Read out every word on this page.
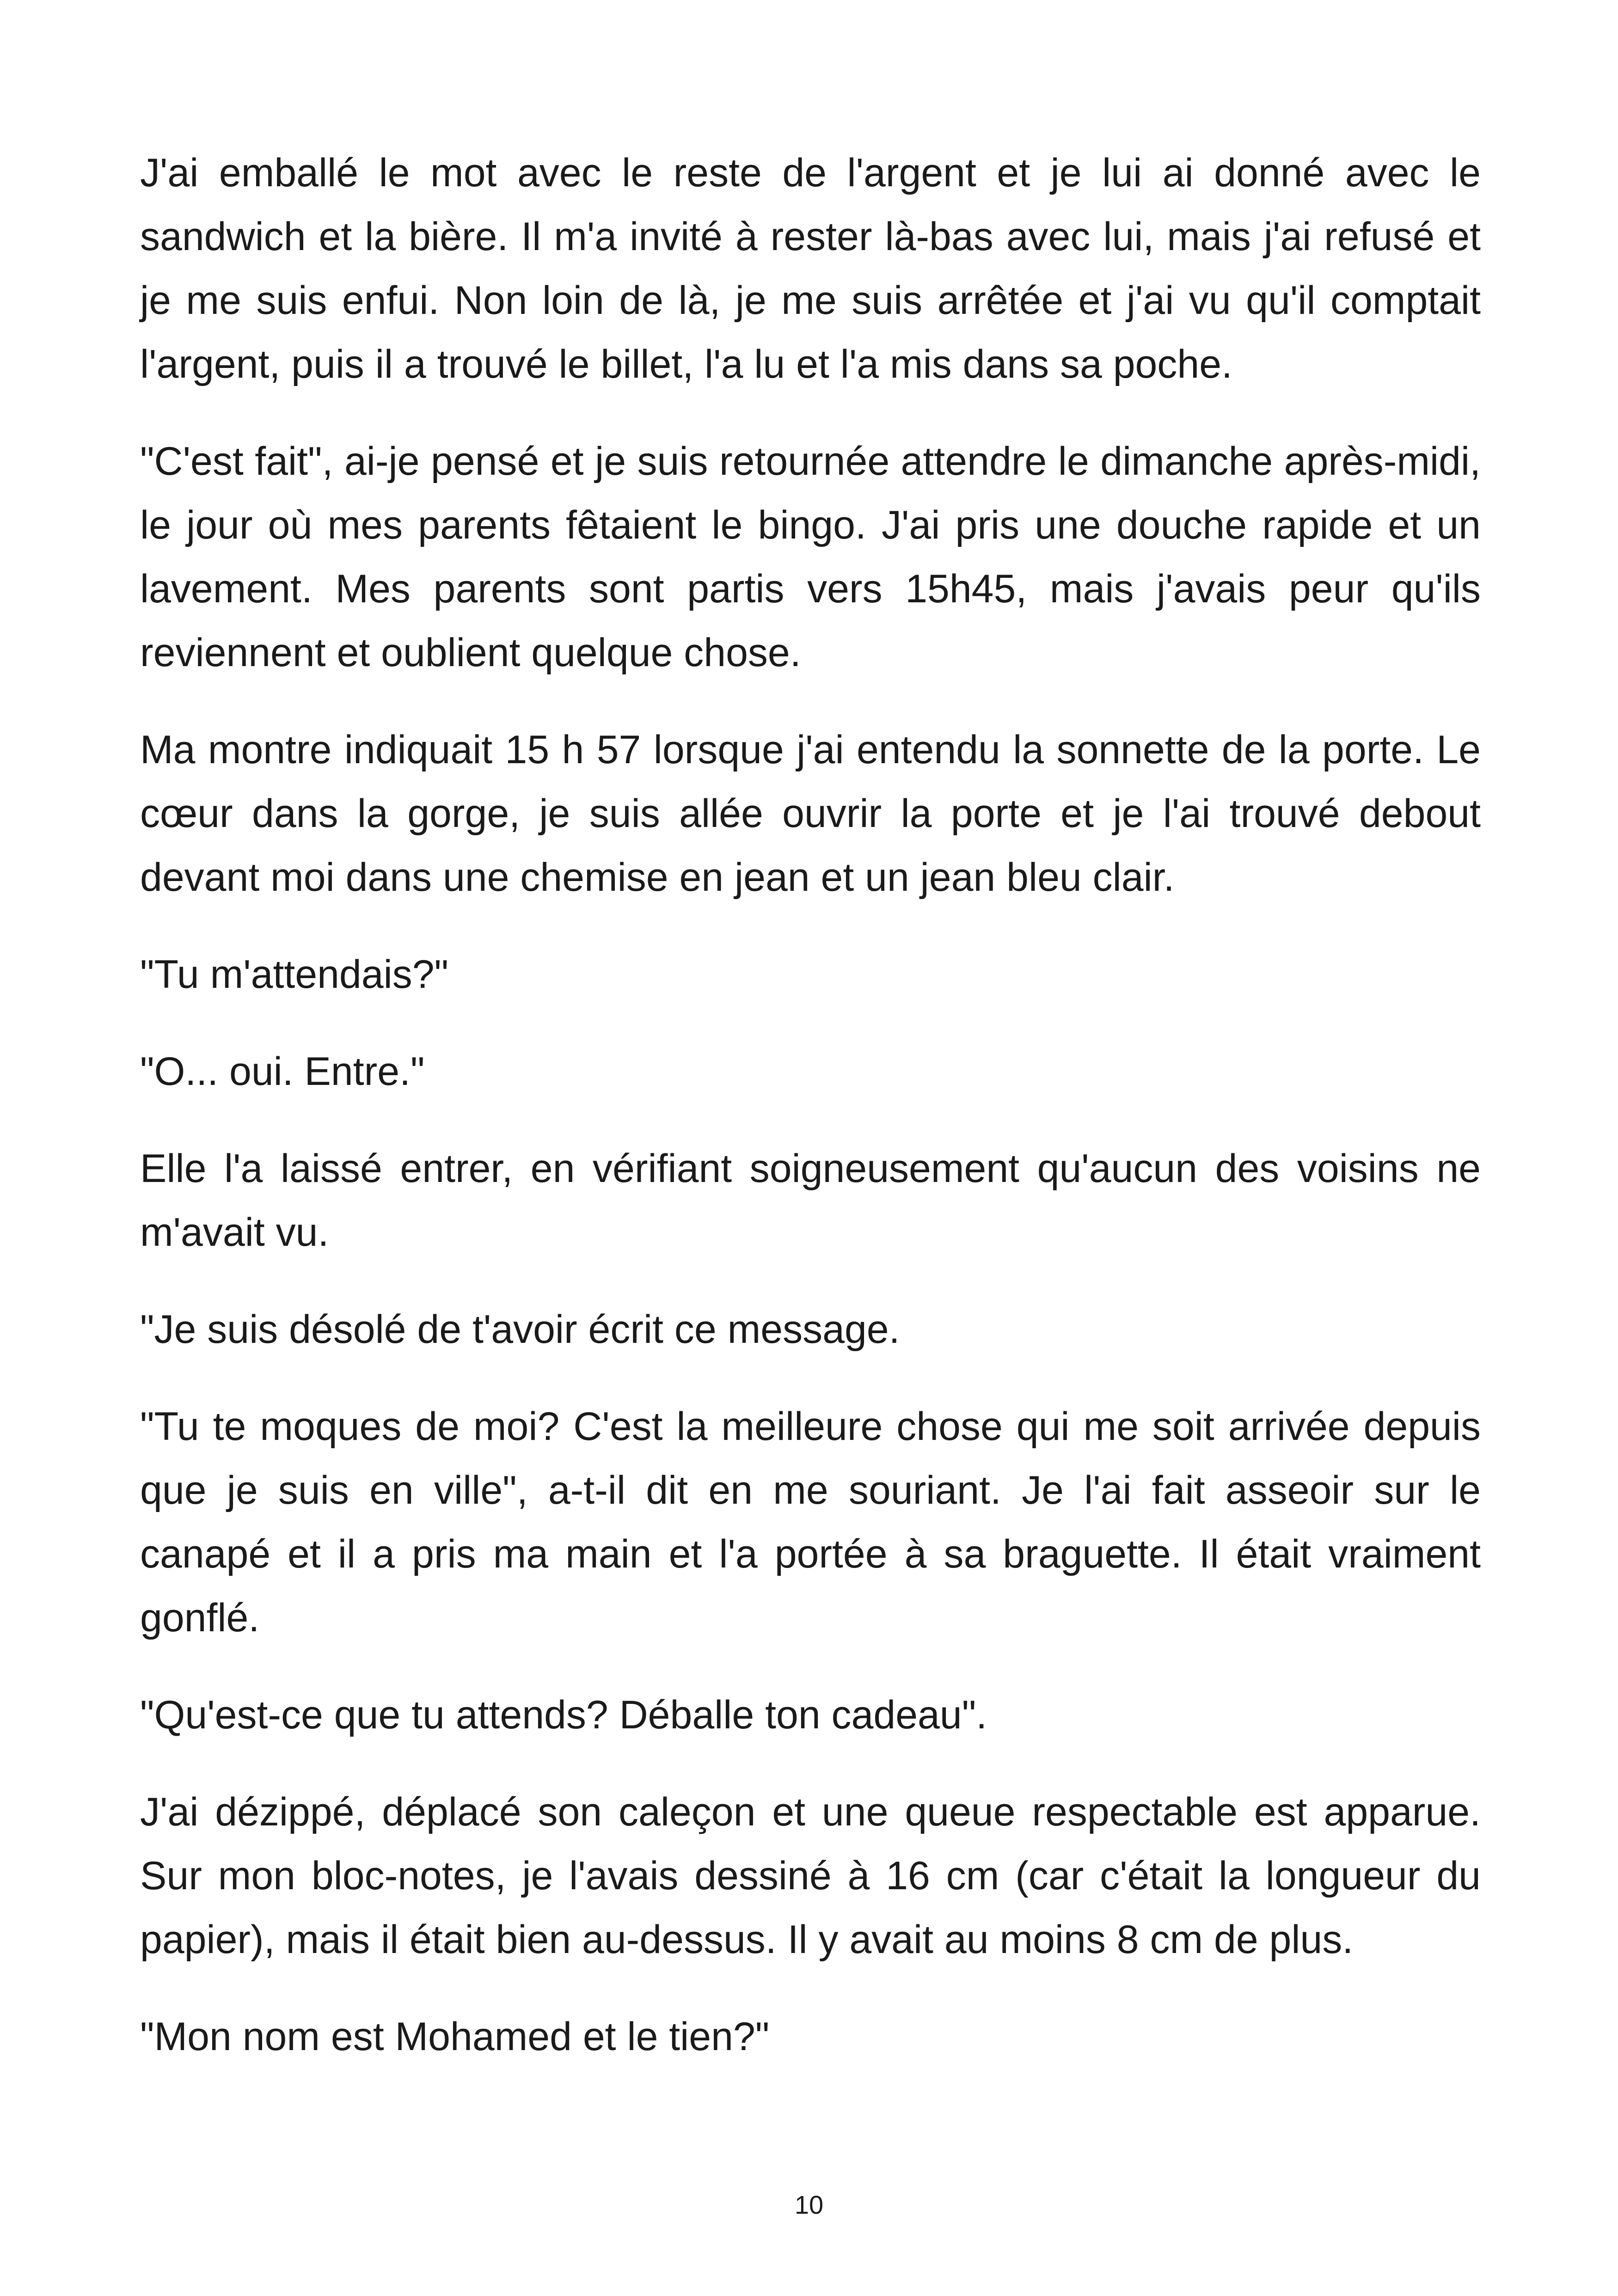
J'ai emballé le mot avec le reste de l'argent et je lui ai donné avec le sandwich et la bière. Il m'a invité à rester là-bas avec lui, mais j'ai refusé et je me suis enfui. Non loin de là, je me suis arrêtée et j'ai vu qu'il comptait l'argent, puis il a trouvé le billet, l'a lu et l'a mis dans sa poche.

"C'est fait", ai-je pensé et je suis retournée attendre le dimanche après-midi, le jour où mes parents fêtaient le bingo. J'ai pris une douche rapide et un lavement. Mes parents sont partis vers 15h45, mais j'avais peur qu'ils reviennent et oublient quelque chose.

Ma montre indiquait 15 h 57 lorsque j'ai entendu la sonnette de la porte. Le cœur dans la gorge, je suis allée ouvrir la porte et je l'ai trouvé debout devant moi dans une chemise en jean et un jean bleu clair.

"Tu m'attendais?"

"O... oui. Entre."

Elle l'a laissé entrer, en vérifiant soigneusement qu'aucun des voisins ne m'avait vu.

"Je suis désolé de t'avoir écrit ce message.

"Tu te moques de moi? C'est la meilleure chose qui me soit arrivée depuis que je suis en ville", a-t-il dit en me souriant. Je l'ai fait asseoir sur le canapé et il a pris ma main et l'a portée à sa braguette. Il était vraiment gonflé.

"Qu'est-ce que tu attends? Déballe ton cadeau".

J'ai dézippé, déplacé son caleçon et une queue respectable est apparue. Sur mon bloc-notes, je l'avais dessiné à 16 cm (car c'était la longueur du papier), mais il était bien au-dessus. Il y avait au moins 8 cm de plus.

"Mon nom est Mohamed et le tien?"

10
